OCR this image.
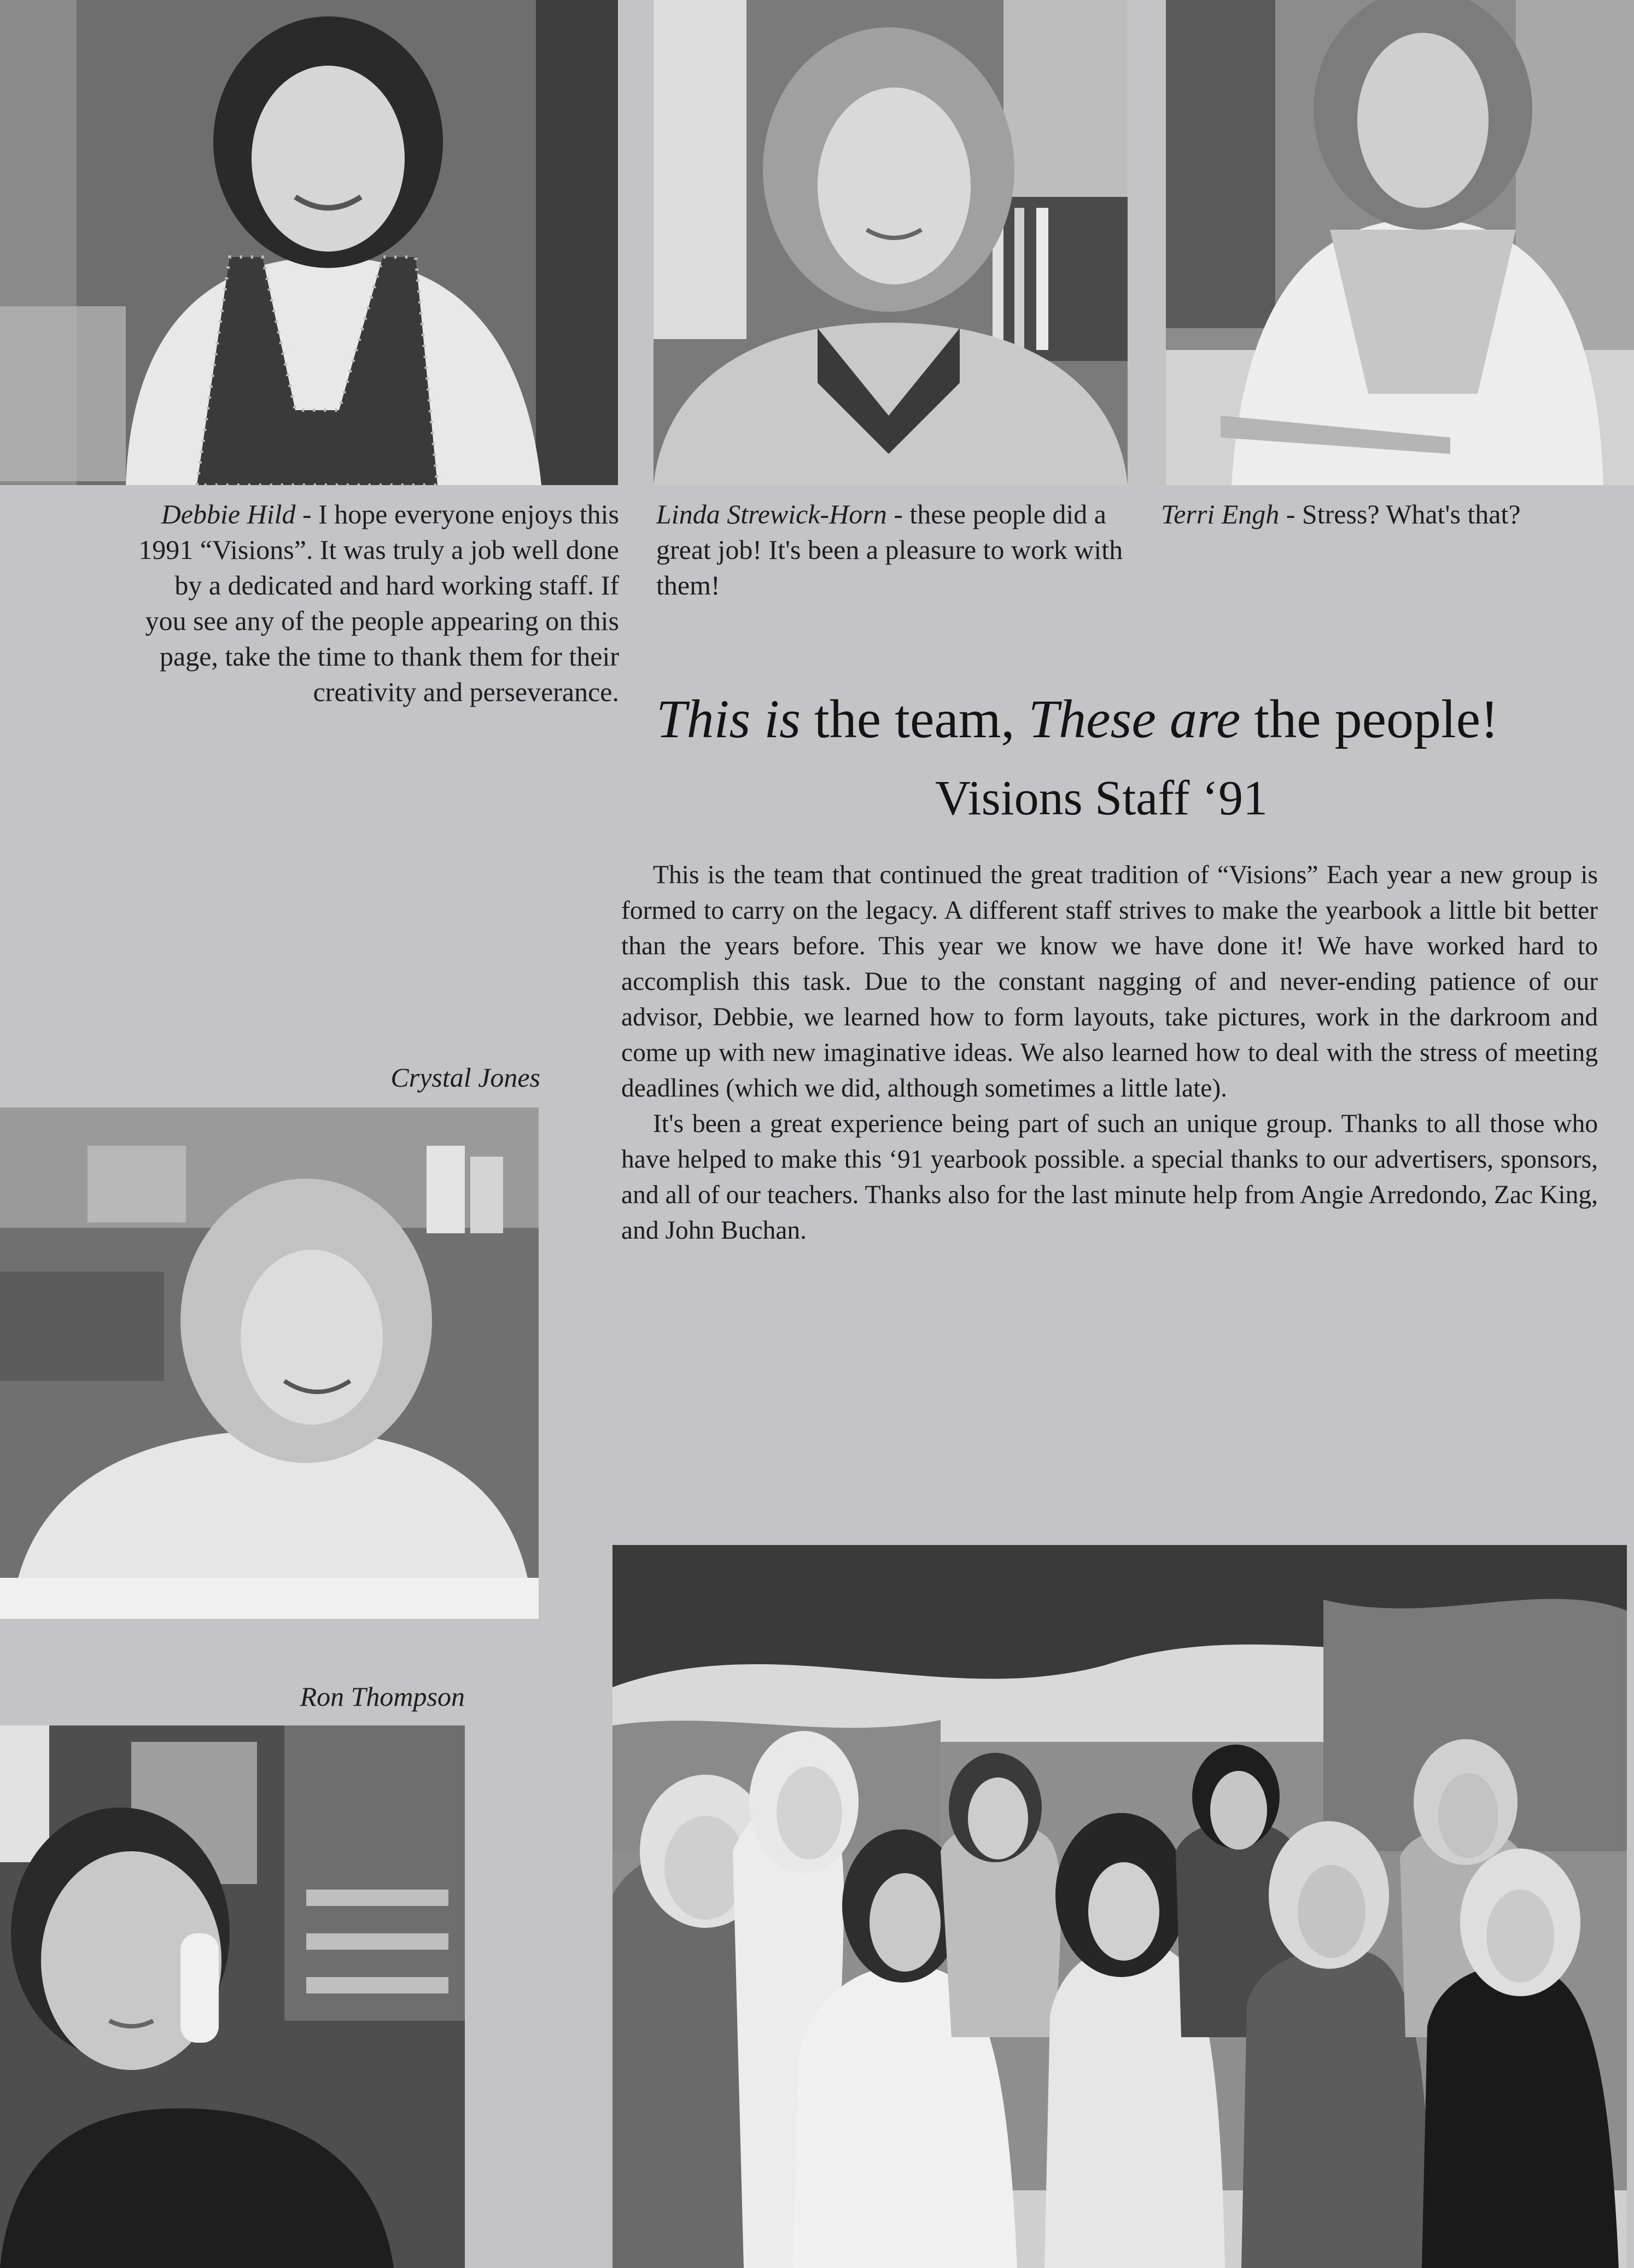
Debbie Hild - I hope everyone enjoys this 1991 “Visions”. It was truly a job well done by a dedicated and hard working staff. If you see any of the people appearing on this page, take the time to thank them for their creativity and perseverance.
Linda Strewick-Horn - these people did a great job! It's been a pleasure to work with them!
Terri Engh - Stress? What's that?
Crystal Jones
Ron Thompson
This is the team, These are the people!
Visions Staff ‘91

This is the team that continued the great tradition of “Visions” Each year a new group is formed to carry on the legacy. A different staff strives to make the yearbook a little bit better than the years before. This year we know we have done it! We have worked hard to accomplish this task. Due to the constant nagging of and never-ending patience of our advisor, Debbie, we learned how to form layouts, take pictures, work in the darkroom and come up with new imaginative ideas. We also learned how to deal with the stress of meeting deadlines (which we did, although sometimes a little late).

It's been a great experience being part of such an unique group. Thanks to all those who have helped to make this ‘91 yearbook possible. a special thanks to our advertisers, sponsors, and all of our teachers. Thanks also for the last minute help from Angie Arredondo, Zac King, and John Buchan.
